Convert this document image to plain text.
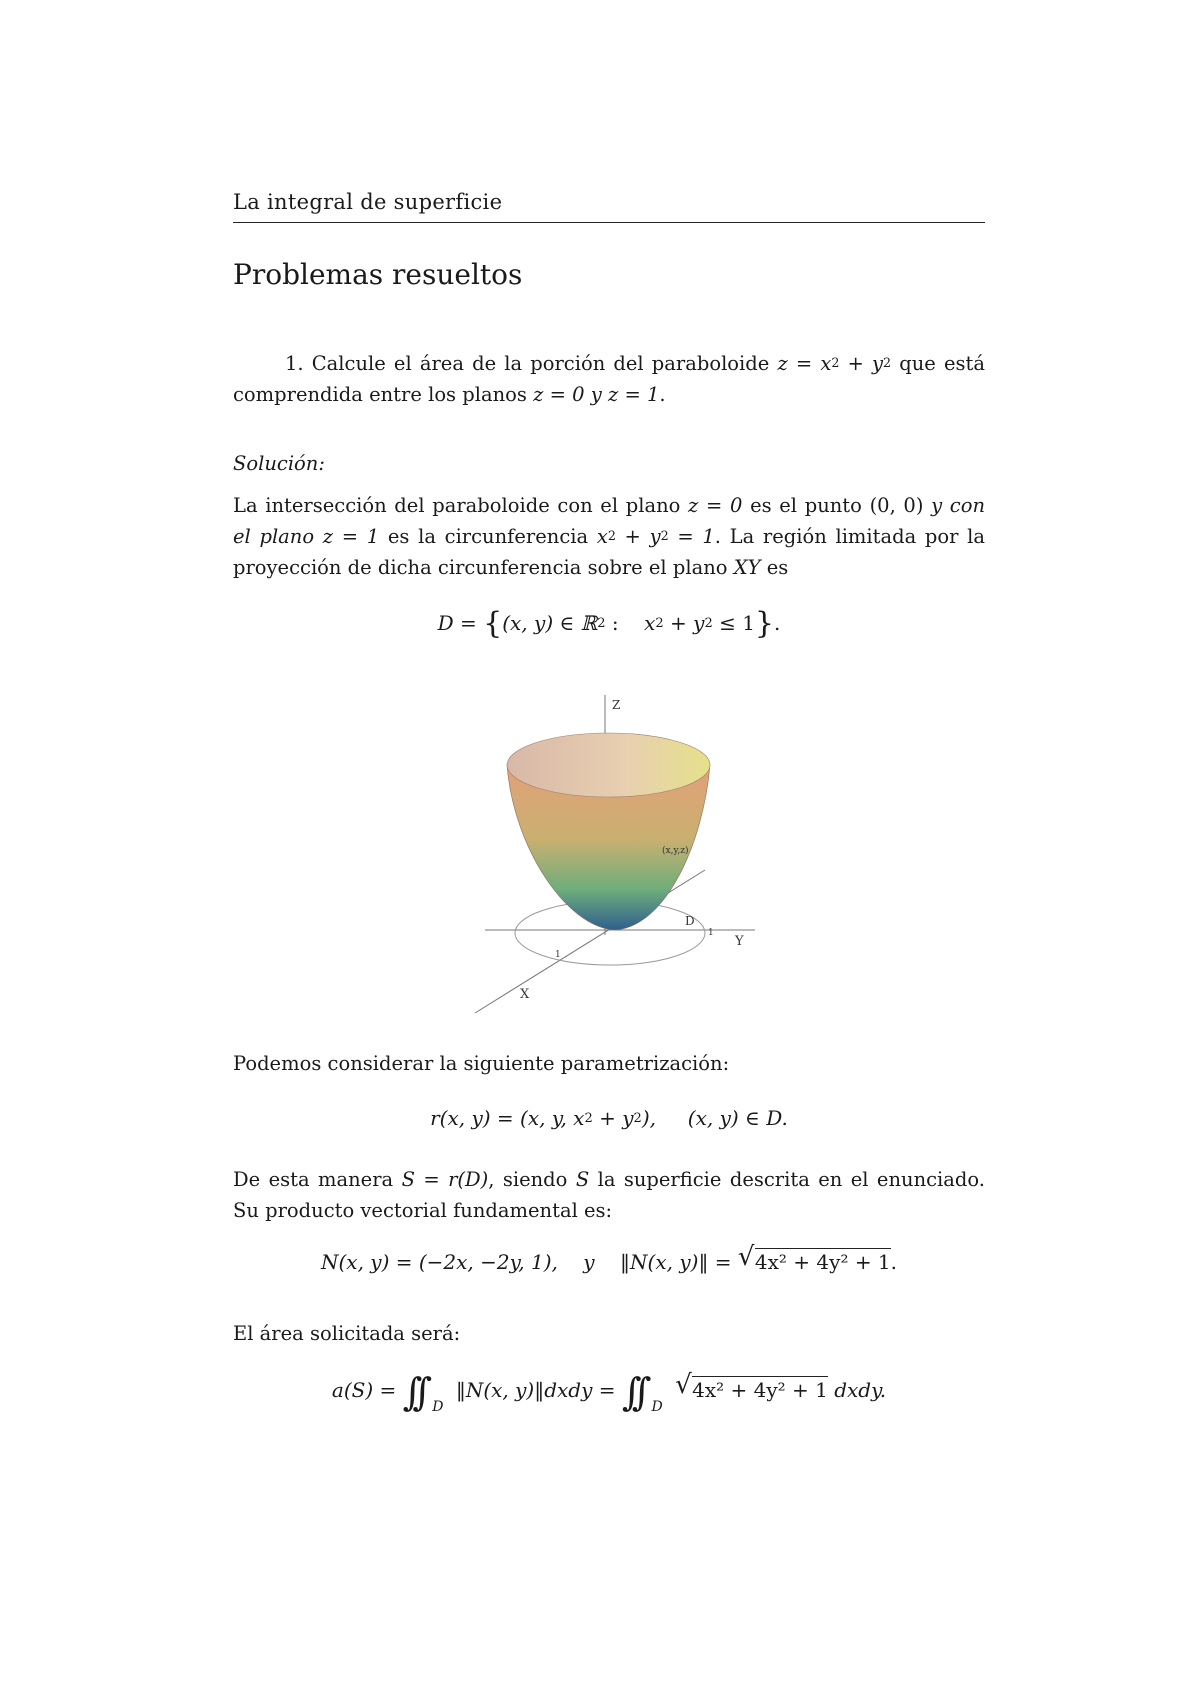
La integral de superficie
Problemas resueltos
1. Calcule el área de la porción del paraboloide $z = x^2 + y^2$ que está comprendida entre los planos z = 0 y z = 1.
Solución:
La intersección del paraboloide con el plano z = 0 es el punto (0, 0) y con el plano z = 1 es la circunferencia $x^2 + y^2 = 1$. La región limitada por la proyección de dicha circunferencia sobre el plano XY es
D = {(x, y) ∈ ℝ$^2$ : $x^2 + y^2 \le 1$}.
Z
Y
X
D
(x,y,z)
1
1
Podemos considerar la siguiente parametrización:
r(x, y) = (x, y, $x^2 + y^2$), (x, y) ∈ D.
De esta manera S = r(D), siendo S la superficie descrita en el enunciado. Su producto vectorial fundamental es:
N(x, y) = (−2x, −2y, 1), y ‖N(x, y)‖ = √ 4x² + 4y² + 1.
El área solicitada será:
a(S) = ∫∫ $_D$ ‖N(x, y)‖dxdy = ∫∫ $_D$
√ 4x² + 4y² + 1 dxdy.
